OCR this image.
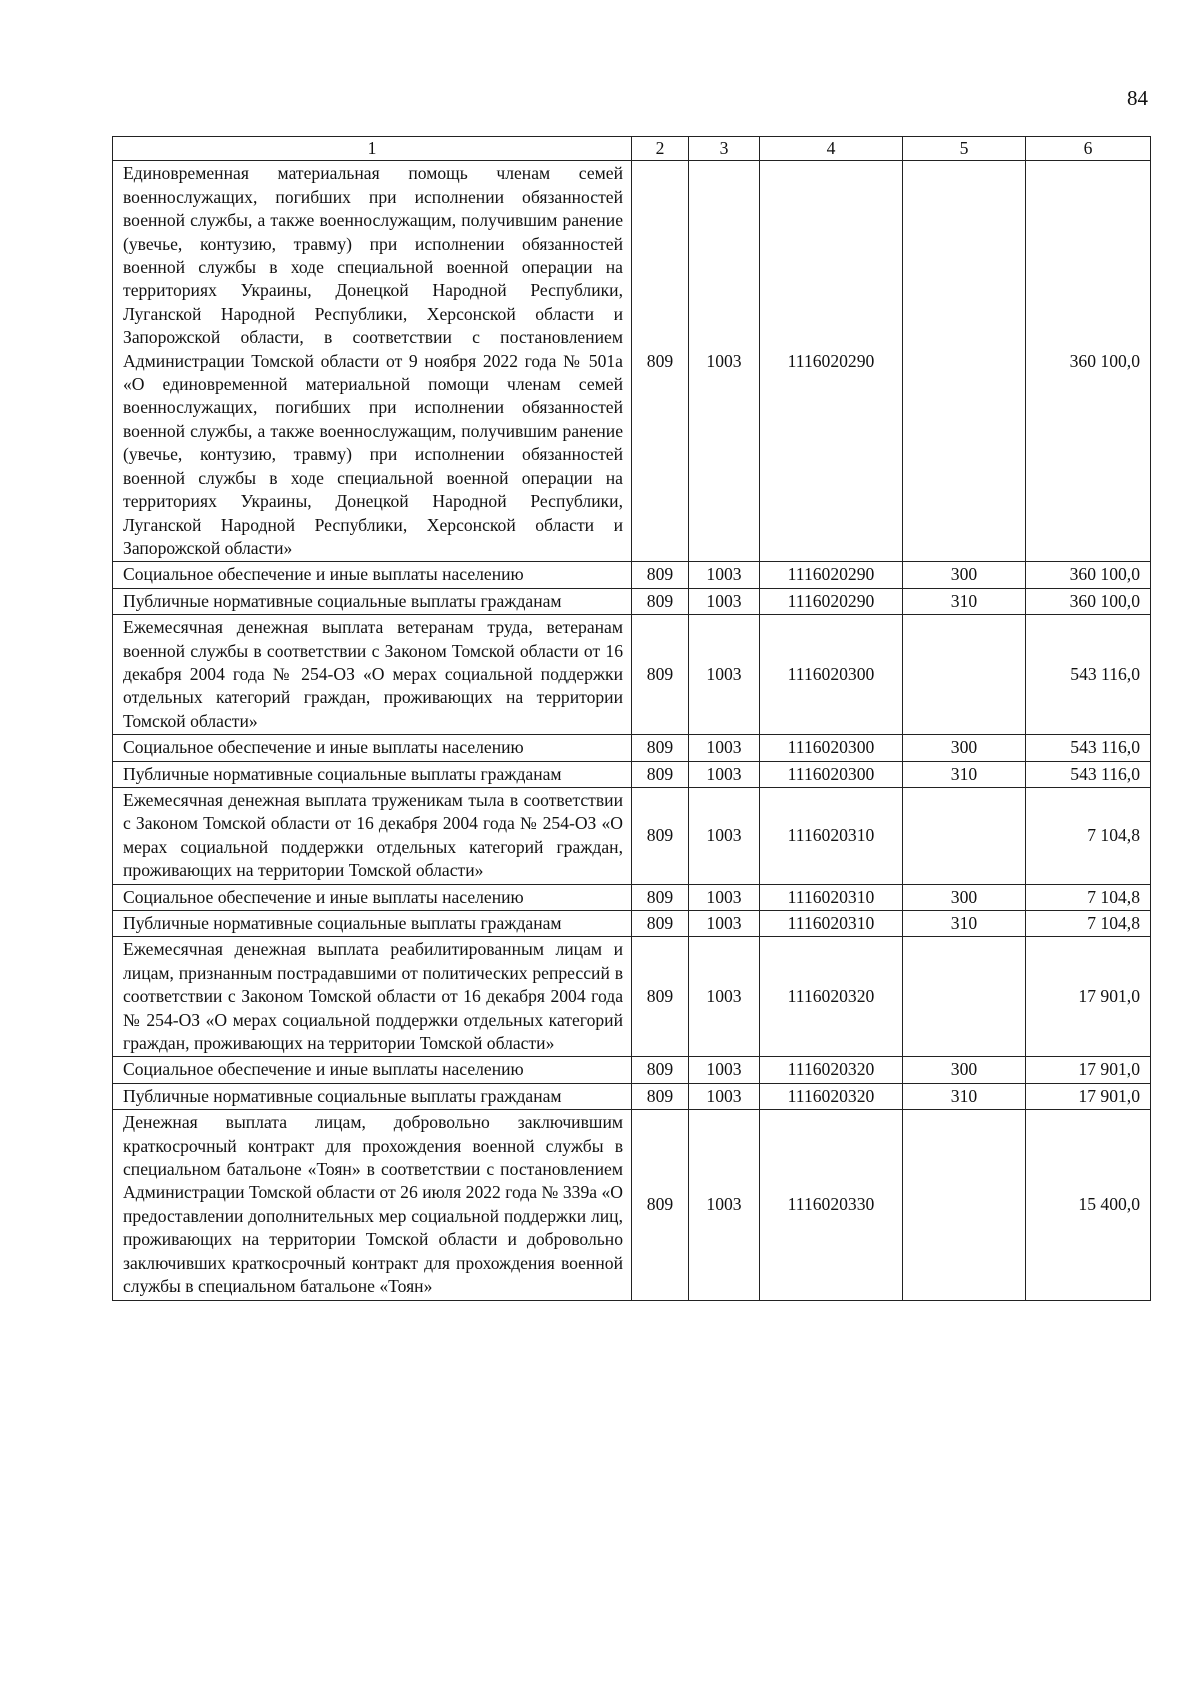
84
1	2	3	4	5	6
Единовременная материальная помощь членам семей военнослужащих, погибших при исполнении обязанностей военной службы, а также военнослужащим, получившим ранение (увечье, контузию, травму) при исполнении обязанностей военной службы в ходе специальной военной операции на территориях Украины, Донецкой Народной Республики, Луганской Народной Республики, Херсонской области и Запорожской области, в соответствии с постановлением Администрации Томской области от 9 ноября 2022 года № 501а «О единовременной материальной помощи членам семей военнослужащих, погибших при исполнении обязанностей военной службы, а также военнослужащим, получившим ранение (увечье, контузию, травму) при исполнении обязанностей военной службы в ходе специальной военной операции на территориях Украины, Донецкой Народной Республики, Луганской Народной Республики, Херсонской области и Запорожской области»	809	1003	1116020290		360 100,0
Социальное обеспечение и иные выплаты населению	809	1003	1116020290	300	360 100,0
Публичные нормативные социальные выплаты гражданам	809	1003	1116020290	310	360 100,0
Ежемесячная денежная выплата ветеранам труда, ветеранам военной службы в соответствии с Законом Томской области от 16 декабря 2004 года № 254-ОЗ «О мерах социальной поддержки отдельных категорий граждан, проживающих на территории Томской области»	809	1003	1116020300		543 116,0
Социальное обеспечение и иные выплаты населению	809	1003	1116020300	300	543 116,0
Публичные нормативные социальные выплаты гражданам	809	1003	1116020300	310	543 116,0
Ежемесячная денежная выплата труженикам тыла в соответствии с Законом Томской области от 16 декабря 2004 года № 254-ОЗ «О мерах социальной поддержки отдельных категорий граждан, проживающих на территории Томской области»	809	1003	1116020310		7 104,8
Социальное обеспечение и иные выплаты населению	809	1003	1116020310	300	7 104,8
Публичные нормативные социальные выплаты гражданам	809	1003	1116020310	310	7 104,8
Ежемесячная денежная выплата реабилитированным лицам и лицам, признанным пострадавшими от политических репрессий в соответствии с Законом Томской области от 16 декабря 2004 года № 254-ОЗ «О мерах социальной поддержки отдельных категорий граждан, проживающих на территории Томской области»	809	1003	1116020320		17 901,0
Социальное обеспечение и иные выплаты населению	809	1003	1116020320	300	17 901,0
Публичные нормативные социальные выплаты гражданам	809	1003	1116020320	310	17 901,0
Денежная выплата лицам, добровольно заключившим краткосрочный контракт для прохождения военной службы в специальном батальоне «Тоян» в соответствии с постановлением Администрации Томской области от 26 июля 2022 года № 339а «О предоставлении дополнительных мер социальной поддержки лиц, проживающих на территории Томской области и добровольно заключивших краткосрочный контракт для прохождения военной службы в специальном батальоне «Тоян»	809	1003	1116020330		15 400,0
